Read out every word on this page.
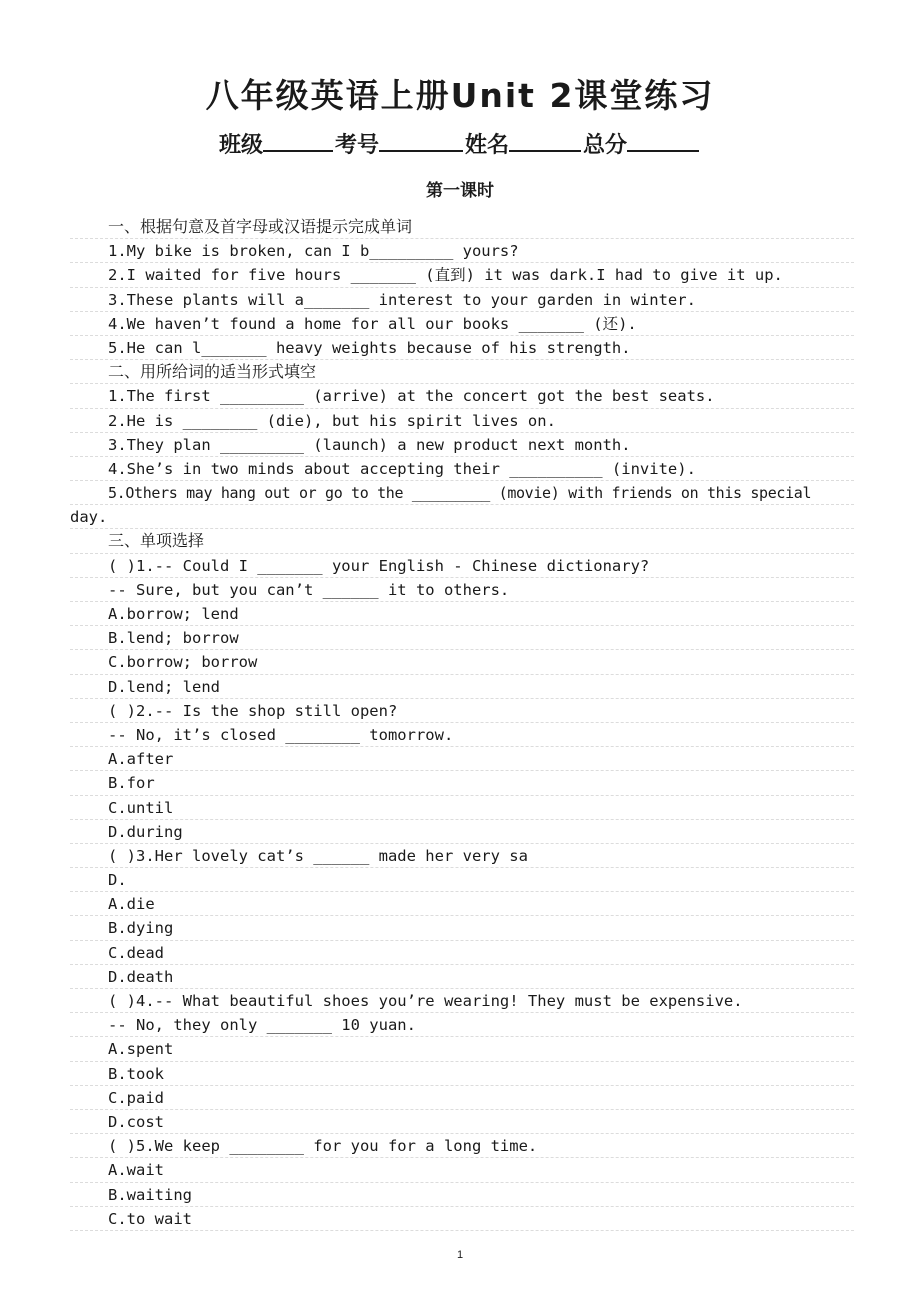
八年级英语上册Unit 2课堂练习
班级	考号	姓名	总分
第一课时
一、根据句意及首字母或汉语提示完成单词
1.My bike is broken, can I b_________ yours?
2.I waited for five hours _______ (直到) it was dark.I had to give it up.
3.These plants will a_______ interest to your garden in winter.
4.We haven’t found a home for all our books _______ (还).
5.He can l_______ heavy weights because of his strength.
二、用所给词的适当形式填空
1.The first _________ (arrive) at the concert got the best seats.
2.He is ________ (die), but his spirit lives on.
3.They plan _________ (launch) a new product next month.
4.She’s in two minds about accepting their __________ (invite).
5.Others may hang out or go to the _________ (movie) with friends on this special
day.
三、单项选择
( )1.-- Could I _______ your English - Chinese dictionary?
-- Sure, but you can’t ______ it to others.
A.borrow; lend
B.lend; borrow
C.borrow; borrow
D.lend; lend
( )2.-- Is the shop still open?
-- No, it’s closed ________ tomorrow.
A.after
B.for
C.until
D.during
( )3.Her lovely cat’s ______ made her very sa
D.
A.die
B.dying
C.dead
D.death
( )4.-- What beautiful shoes you’re wearing! They must be expensive.
-- No, they only _______ 10 yuan.
A.spent
B.took
C.paid
D.cost
( )5.We keep ________ for you for a long time.
A.wait
B.waiting
C.to wait
1
